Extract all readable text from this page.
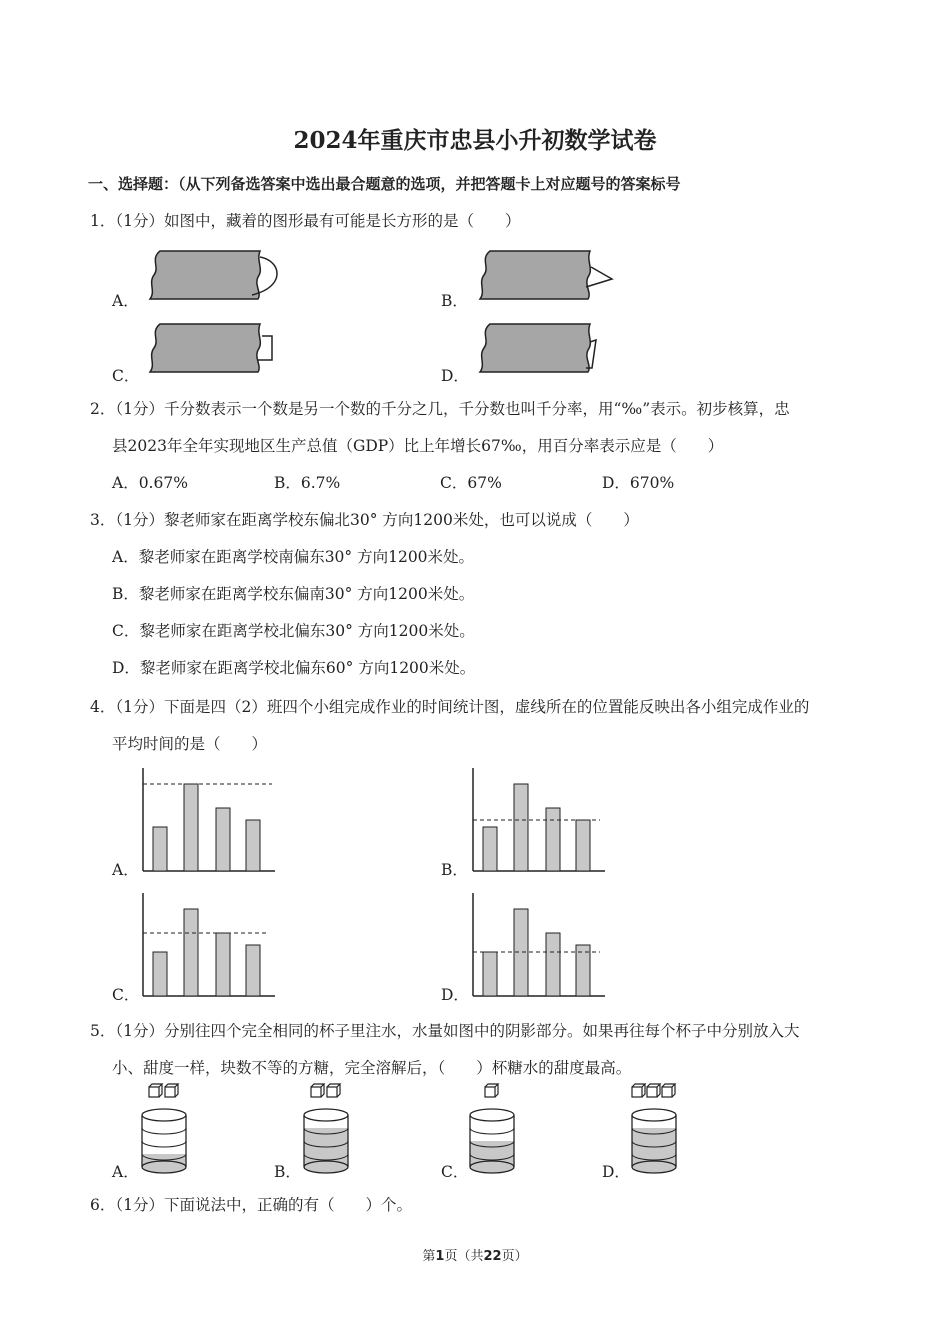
2024年重庆市忠县小升初数学试卷
一、选择题：（从下列备选答案中选出最合题意的选项，并把答题卡上对应题号的答案标号
1．（1分）如图中，藏着的图形最有可能是长方形的是（　　）
A．	B．
C．	D．
2．（1分）千分数表示一个数是另一个数的千分之几，千分数也叫千分率，用“‰”表示。初步核算，忠
县2023年全年实现地区生产总值（GDP）比上年增长67‰，用百分率表示应是（　　）
A．0.67%	B．6.7%	C．67%	D．670%
3．（1分）黎老师家在距离学校东偏北30° 方向1200米处，也可以说成（　　）
A．黎老师家在距离学校南偏东30° 方向1200米处。
B．黎老师家在距离学校东偏南30° 方向1200米处。
C．黎老师家在距离学校北偏东30° 方向1200米处。
D．黎老师家在距离学校北偏东60° 方向1200米处。
4．（1分）下面是四（2）班四个小组完成作业的时间统计图，虚线所在的位置能反映出各小组完成作业的
平均时间的是（　　）
A．	B．
C．	D．
5．（1分）分别往四个完全相同的杯子里注水，水量如图中的阴影部分。如果再往每个杯子中分别放入大
小、甜度一样，块数不等的方糖，完全溶解后，（　　）杯糖水的甜度最高。
A．	B．	C．	D．
6．（1分）下面说法中，正确的有（　　）个。
第1页（共22页）
